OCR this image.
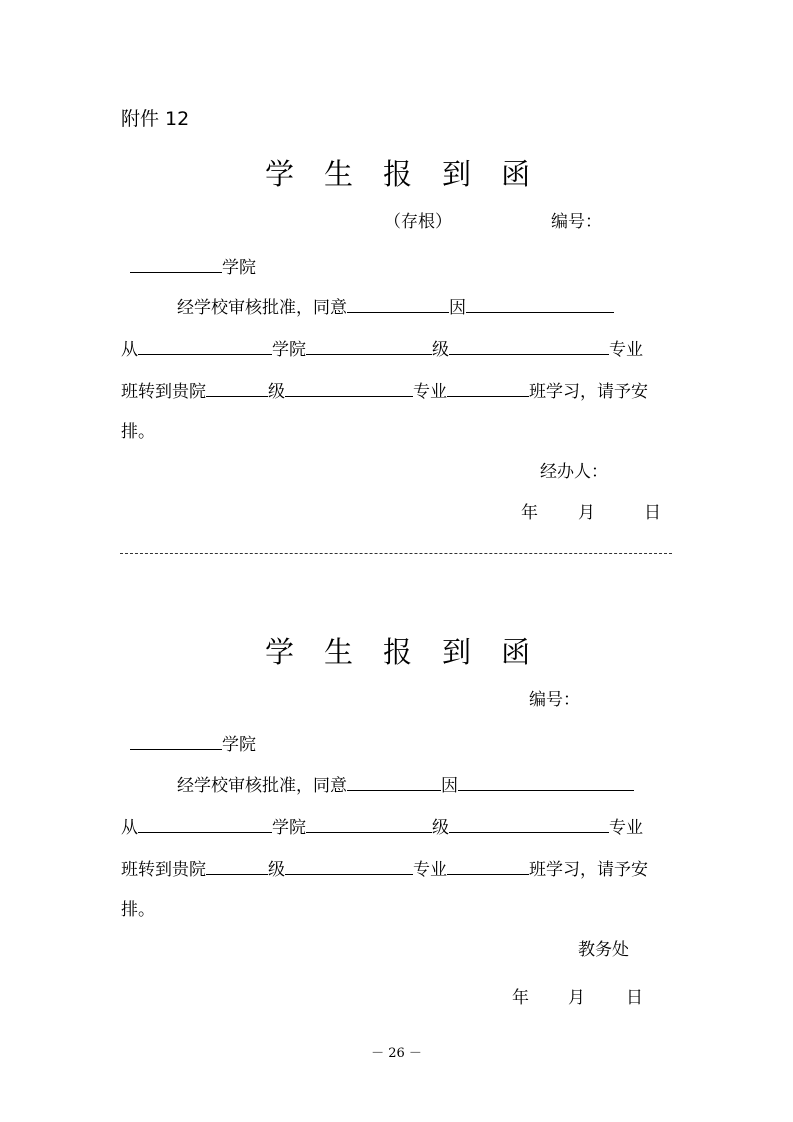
附件 12
学 生 报 到 函
（存根）	编号：
学院
经学校审核批准，同意	因
从	学院	级	专业
班转到贵院	级	专业	班学习，请予安
排。
经办人：
年 月	日
学 生 报 到 函
编号：
学院
经学校审核批准，同意	因
从	学院	级	专业
班转到贵院	级	专业	班学习，请予安
排。
教务处
年 月 日
－ 26 －
